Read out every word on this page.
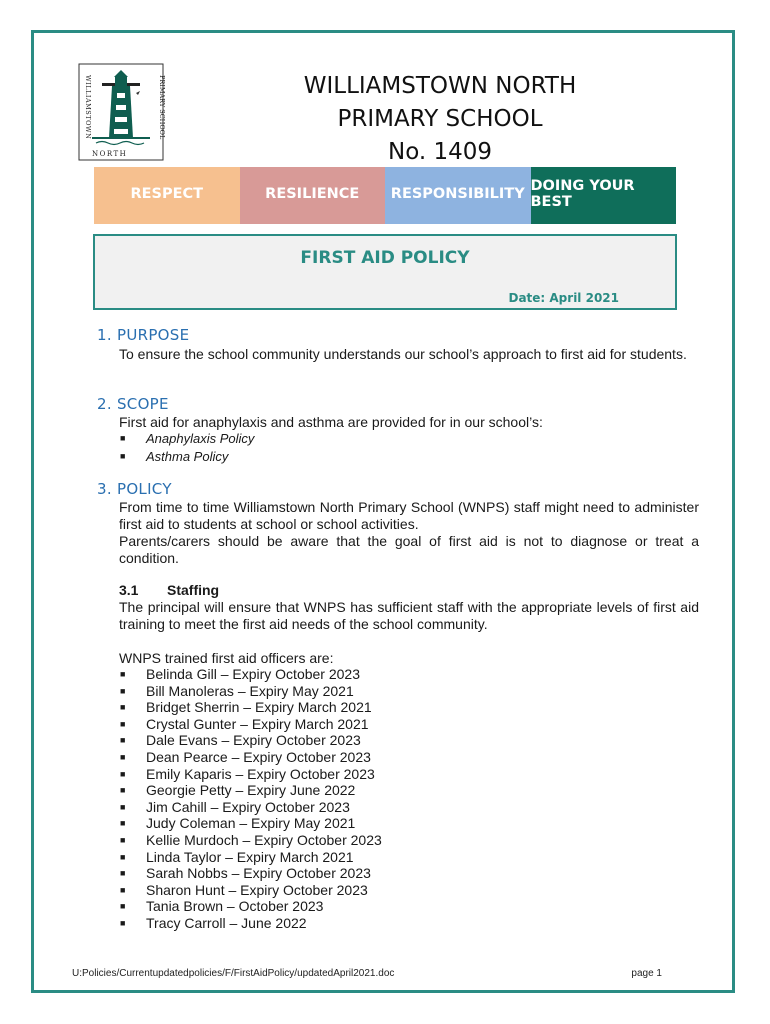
WILLIAMSTOWN	PRIMARY SCHOOL
NORTH
WILLIAMSTOWN NORTH
PRIMARY SCHOOL
No. 1409
RESPECT	RESILIENCE	RESPONSIBILITY DOING YOUR BEST
FIRST AID POLICY
Date: April 2021
1. PURPOSE
To ensure the school community understands our school’s approach to first aid for students.
2. SCOPE
First aid for anaphylaxis and asthma are provided for in our school’s:
■ Anaphylaxis Policy
■ Asthma Policy
3. POLICY
From time to time Williamstown North Primary School (WNPS) staff might need to administer first aid to students at school or school activities.
Parents/carers should be aware that the goal of first aid is not to diagnose or treat a condition.
3.1 Staffing
The principal will ensure that WNPS has sufficient staff with the appropriate levels of first aid training to meet the first aid needs of the school community.
WNPS trained first aid officers are:
■ Belinda Gill – Expiry October 2023
■ Bill Manoleras – Expiry May 2021
■ Bridget Sherrin – Expiry March 2021
■ Crystal Gunter – Expiry March 2021
■ Dale Evans – Expiry October 2023
■ Dean Pearce – Expiry October 2023
■ Emily Kaparis – Expiry October 2023
■ Georgie Petty – Expiry June 2022
■ Jim Cahill – Expiry October 2023
■ Judy Coleman – Expiry May 2021
■ Kellie Murdoch – Expiry October 2023
■ Linda Taylor – Expiry March 2021
■ Sarah Nobbs – Expiry October 2023
■ Sharon Hunt – Expiry October 2023
■ Tania Brown – October 2023
■ Tracy Carroll – June 2022
U:Policies/Currentupdatedpolicies/F/FirstAidPolicy/updatedApril2021.doc	page 1
